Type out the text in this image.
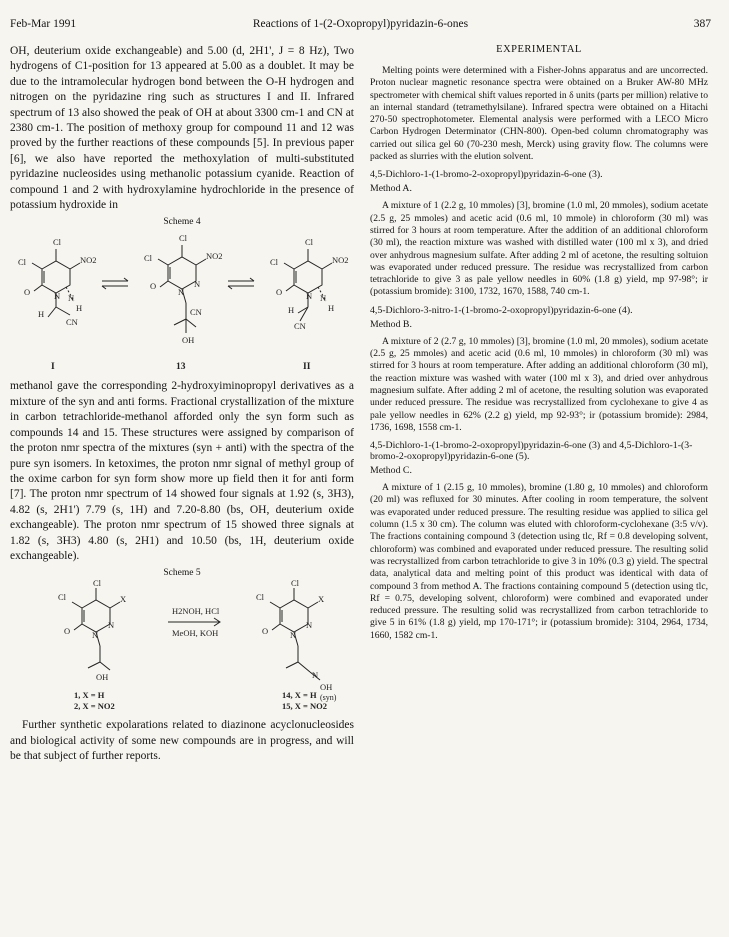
Feb-Mar 1991	Reactions of 1-(2-Oxopropyl)pyridazin-6-ones	387

OH, deuterium oxide exchangeable) and 5.00 (d, 2H1', J = 8 Hz), Two hydrogens of C1-position for 13 appeared at 5.00 as a doublet. It may be due to the intramolecular hydrogen bond between the O-H hydrogen and nitrogen on the pyridazine ring such as structures I and II. Infrared spectrum of 13 also showed the peak of OH at about 3300 cm-1 and CN at 2380 cm-1. The position of methoxy group for compound 11 and 12 was proved by the further reactions of these compounds [5]. In previous paper [6], we also have reported the methoxylation of multi-substituted pyridazine nucleosides using methanolic potassium cyanide. Reaction of compound 1 and 2 with hydroxylamine hydrochloride in the presence of potassium hydroxide in

Scheme 4
Cl
Cl	NO2
O	N N
H
H
CN
Cl
Cl	NO2
O
N
N
CN
OH
Cl
Cl	NO2
O	N N
H
H
CN
I	13	II

methanol gave the corresponding 2-hydroxyiminopropyl derivatives as a mixture of the syn and anti forms. Fractional crystallization of the mixture in carbon tetrachloride-methanol afforded only the syn form such as compounds 14 and 15. These structures were assigned by comparison of the proton nmr spectra of the mixtures (syn + anti) with the spectra of the pure syn isomers. In ketoximes, the proton nmr signal of methyl group of the oxime carbon for syn form show more up field then it for anti form [7]. The proton nmr spectrum of 14 showed four signals at 1.92 (s, 3H3), 4.82 (s, 2H1') 7.79 (s, 1H) and 7.20-8.80 (bs, OH, deuterium oxide exchangeable). The proton nmr spectrum of 15 showed three signals at 1.82 (s, 3H3) 4.80 (s, 2H1) and 10.50 (bs, 1H, deuterium oxide exchangeable).

Scheme 5
Cl
Cl	X
O	N
N
OH
Cl
Cl	X
O	N
N
N
OH
H2NOH, HCl
MeOH, KOH
(syn)
1, X = H
2, X = NO2
14, X = H
15, X = NO2

Further synthetic expolarations related to diazinone acyclonucleosides and biological activity of some new compounds are in progress, and will be that subject of further reports.

EXPERIMENTAL

Melting points were determined with a Fisher-Johns apparatus and are uncorrected. Proton nuclear magnetic resonance spectra were obtained on a Bruker AW-80 MHz spectrometer with chemical shift values reported in δ units (parts per million) relative to an internal standard (tetramethylsilane). Infrared spectra were obtained on a Hitachi 270-50 spectrophotometer. Elemental analysis were performed with a LECO Micro Carbon Hydrogen Determinator (CHN-800). Open-bed column chromatography was carried out silica gel 60 (70-230 mesh, Merck) using gravity flow. The columns were packed as slurries with the elution solvent.

4,5-Dichloro-1-(1-bromo-2-oxopropyl)pyridazin-6-one (3).
Method A.

A mixture of 1 (2.2 g, 10 mmoles) [3], bromine (1.0 ml, 20 mmoles), sodium acetate (2.5 g, 25 mmoles) and acetic acid (0.6 ml, 10 mmole) in chloroform (30 ml) was stirred for 3 hours at room temperature. After the addition of an additional chloroform (30 ml), the reaction mixture was washed with distilled water (100 ml x 3), and dried over anhydrous magnesium sulfate. After adding 2 ml of acetone, the resulting soltuion was evaporated under reduced pressure. The residue was recrystallized from carbon tetrachloride to give 3 as pale yellow needles in 60% (1.8 g) yield, mp 97-98°; ir (potassium bromide): 3100, 1732, 1670, 1588, 740 cm-1.

4,5-Dichloro-3-nitro-1-(1-bromo-2-oxopropyl)pyridazin-6-one (4).
Method B.

A mixture of 2 (2.7 g, 10 mmoles) [3], bromine (1.0 ml, 20 mmoles), sodium acetate (2.5 g, 25 mmoles) and acetic acid (0.6 ml, 10 mmoles) in chloroform (30 ml) was stirred for 3 hours at room temperature. After adding an additional chloroform (30 ml), the reaction mixture was washed with water (100 ml x 3), and dried over anhydrous magnesium sulfate. After adding 2 ml of acetone, the resulting solution was evaporated under reduced pressure. The residue was recrystallized from cyclohexane to give 4 as pale yellow needles in 62% (2.2 g) yield, mp 92-93°; ir (potassium bromide): 2984, 1736, 1698, 1558 cm-1.

4,5-Dichloro-1-(1-bromo-2-oxopropyl)pyridazin-6-one (3) and 4,5-Dichloro-1-(3-bromo-2-oxopropyl)pyridazin-6-one (5).
Method C.

A mixture of 1 (2.15 g, 10 mmoles), bromine (1.80 g, 10 mmoles) and chloroform (20 ml) was refluxed for 30 minutes. After cooling in room temperature, the solvent was evaporated under reduced pressure. The resulting residue was applied to silica gel column (1.5 x 30 cm). The column was eluted with chloroform-cyclohexane (3:5 v/v). The fractions containing compound 3 (detection using tlc, Rf = 0.8 developing solvent, chloroform) was combined and evaporated under reduced pressure. The resulting solid was recrystallized from carbon tetrachloride to give 3 in 10% (0.3 g) yield. The spectral data, analytical data and melting point of this product was identical with data of compound 3 from method A. The fractions containing compound 5 (detection using tlc, Rf = 0.75, developing solvent, chloroform) were combined and evaporated under reduced pressure. The resulting solid was recrystallized from carbon tetrachloride to give 5 in 61% (1.8 g) yield, mp 170-171°; ir (potassium bromide): 3104, 2964, 1734, 1660, 1582 cm-1.
